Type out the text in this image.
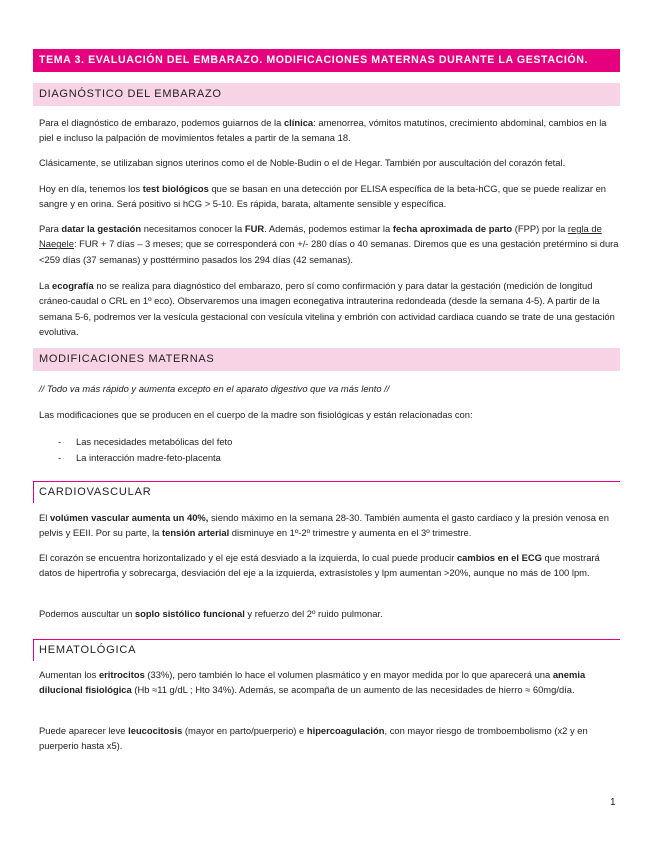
TEMA 3. EVALUACIÓN DEL EMBARAZO. MODIFICACIONES MATERNAS DURANTE LA GESTACIÓN.
DIAGNÓSTICO DEL EMBARAZO

Para el diagnóstico de embarazo, podemos guiarnos de la clínica: amenorrea, vómitos matutinos, crecimiento abdominal, cambios en la piel e incluso la palpación de movimientos fetales a partir de la semana 18.

Clásicamente, se utilizaban signos uterinos como el de Noble-Budin o el de Hegar. También por auscultación del corazón fetal.

Hoy en día, tenemos los test biológicos que se basan en una detección por ELISA específica de la beta-hCG, que se puede realizar en sangre y en orina. Será positivo si hCG > 5-10. Es rápida, barata, altamente sensible y específica.

Para datar la gestación necesitamos conocer la FUR. Además, podemos estimar la fecha aproximada de parto (FPP) por la regla de Naegele: FUR + 7 días – 3 meses; que se corresponderá con +/- 280 días o 40 semanas. Diremos que es una gestación pretérmino si dura <259 días (37 semanas) y posttérmino pasados los 294 días (42 semanas).

La ecografía no se realiza para diagnóstico del embarazo, pero sí como confirmación y para datar la gestación (medición de longitud cráneo-caudal o CRL en 1º eco). Observaremos una imagen econegativa intrauterina redondeada (desde la semana 4-5). A partir de la semana 5-6, podremos ver la vesícula gestacional con vesícula vitelina y embrión con actividad cardiaca cuando se trate de una gestación evolutiva.

MODIFICACIONES MATERNAS

// Todo va más rápido y aumenta excepto en el aparato digestivo que va más lento //

Las modificaciones que se producen en el cuerpo de la madre son fisiológicas y están relacionadas con:

- Las necesidades metabólicas del feto
- La interacción madre-feto-placenta
CARDIOVASCULAR

El volúmen vascular aumenta un 40%, siendo máximo en la semana 28-30. También aumenta el gasto cardiaco y la presión venosa en pelvis y EEII. Por su parte, la tensión arterial disminuye en 1º-2º trimestre y aumenta en el 3º trimestre.

El corazón se encuentra horizontalizado y el eje está desviado a la izquierda, lo cual puede producir cambios en el ECG que mostrará datos de hipertrofia y sobrecarga, desviación del eje a la izquierda, extrasístoles y lpm aumentan >20%, aunque no más de 100 lpm.

Podemos auscultar un soplo sistólico funcional y refuerzo del 2º ruido pulmonar.

HEMATOLÓGICA

Aumentan los eritrocitos (33%), pero también lo hace el volumen plasmático y en mayor medida por lo que aparecerá una anemia dilucional fisiológica (Hb ≈11 g/dL ; Hto 34%). Además, se acompaña de un aumento de las necesidades de hierro ≈ 60mg/día.

Puede aparecer leve leucocitosis (mayor en parto/puerperio) e hipercoagulación, con mayor riesgo de tromboembolismo (x2 y en puerperio hasta x5).

1
